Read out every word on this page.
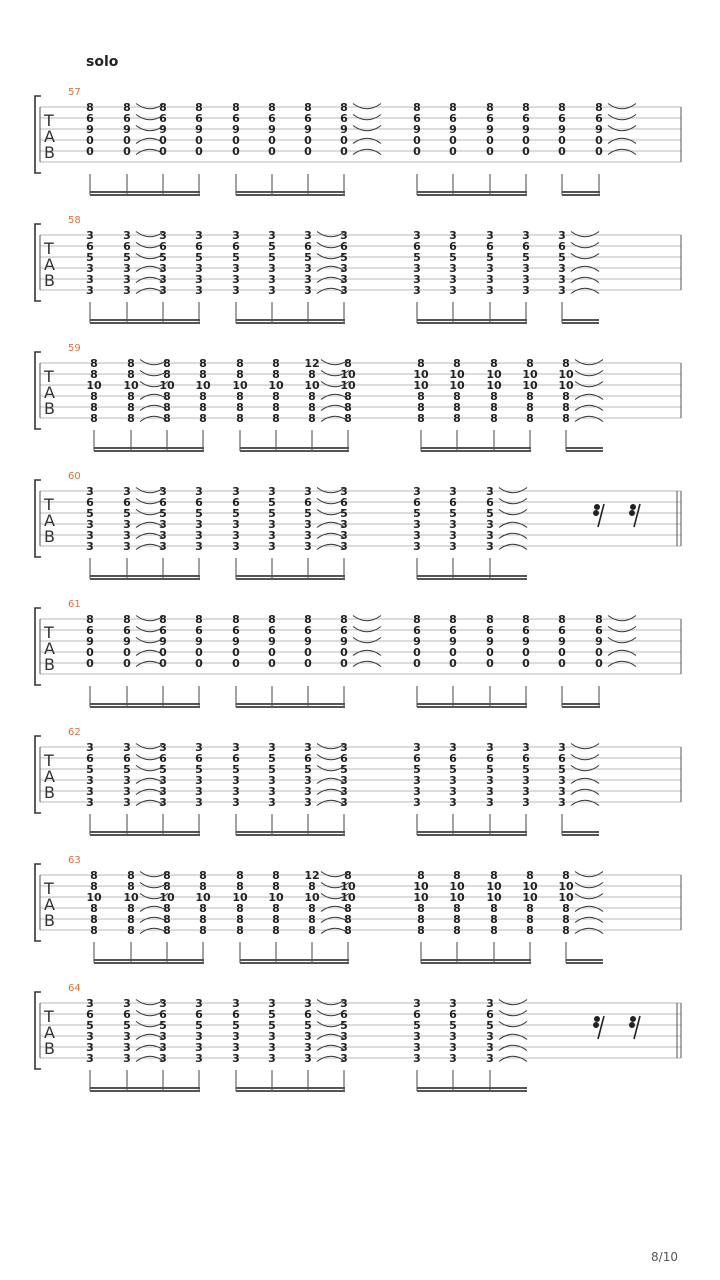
solo
57
T
A
B
8
6
9
0
0
8
6
9
0
0
8
6
9
0
0
8
6
9
0
0
8
6
9
0
0
8
6
9
0
0
8
6
9
0
0
8
6
9
0
0
8
6
9
0
0
8
6
9
0
0
8
6
9
0
0
8
6
9
0
0
8
6
9
0
0
8
6
9
0
0
58
T
A
B
3
6
5
3
3
3
3
6
5
3
3
3
3
6
5
3
3
3
3
6
5
3
3
3
3
6
5
3
3
3
3
5
5
3
3
3
3
6
5
3
3
3
3
6
5
3
3
3
3
6
5
3
3
3
3
6
5
3
3
3
3
6
5
3
3
3
3
6
5
3
3
3
3
6
5
3
3
3
59
T
A
B
8
8
10
8
8
8
8
8
10
8
8
8
8
8
10
8
8
8
8
8
10
8
8
8
8
8
10
8
8
8
8
8
10
8
8
8
12
8
10
8
8
8
8
10
10
8
8
8
8
10
10
8
8
8
8
10
10
8
8
8
8
10
10
8
8
8
8
10
10
8
8
8
8
10
10
8
8
8
60
T
A
B
3
6
5
3
3
3
3
6
5
3
3
3
3
6
5
3
3
3
3
6
5
3
3
3
3
6
5
3
3
3
3
5
5
3
3
3
3
6
5
3
3
3
3
6
5
3
3
3
3
6
5
3
3
3
3
6
5
3
3
3
3
6
5
3
3
3
61
T
A
B
8
6
9
0
0
8
6
9
0
0
8
6
9
0
0
8
6
9
0
0
8
6
9
0
0
8
6
9
0
0
8
6
9
0
0
8
6
9
0
0
8
6
9
0
0
8
6
9
0
0
8
6
9
0
0
8
6
9
0
0
8
6
9
0
0
8
6
9
0
0
62
T
A
B
3
6
5
3
3
3
3
6
5
3
3
3
3
6
5
3
3
3
3
6
5
3
3
3
3
6
5
3
3
3
3
5
5
3
3
3
3
6
5
3
3
3
3
6
5
3
3
3
3
6
5
3
3
3
3
6
5
3
3
3
3
6
5
3
3
3
3
6
5
3
3
3
3
6
5
3
3
3
63
T
A
B
8
8
10
8
8
8
8
8
10
8
8
8
8
8
10
8
8
8
8
8
10
8
8
8
8
8
10
8
8
8
8
8
10
8
8
8
12
8
10
8
8
8
8
10
10
8
8
8
8
10
10
8
8
8
8
10
10
8
8
8
8
10
10
8
8
8
8
10
10
8
8
8
8
10
10
8
8
8
64
T
A
B
3
6
5
3
3
3
3
6
5
3
3
3
3
6
5
3
3
3
3
6
5
3
3
3
3
6
5
3
3
3
3
5
5
3
3
3
3
6
5
3
3
3
3
6
5
3
3
3
3
6
5
3
3
3
3
6
5
3
3
3
3
6
5
3
3
3
8/10
